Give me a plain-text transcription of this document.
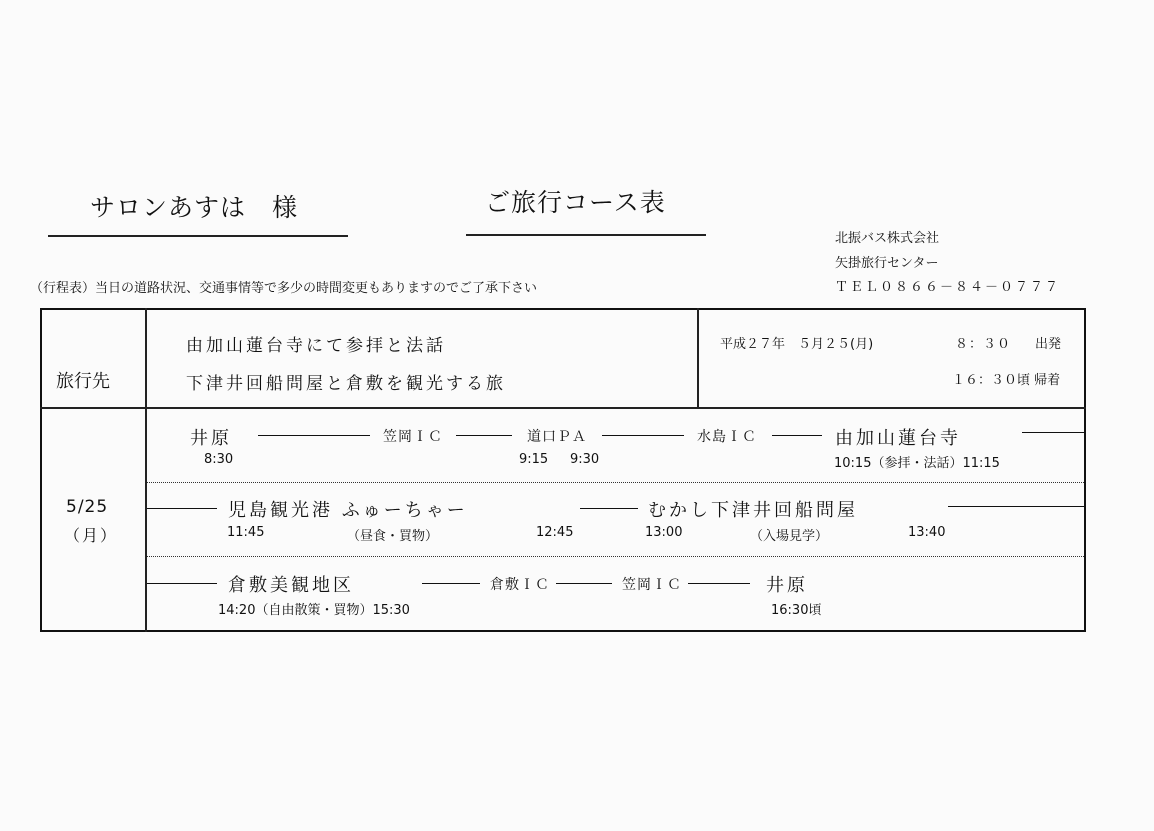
サロンあすは　様	ご旅行コース表
北振バス株式会社
矢掛旅行センター
ＴＥＬ０８６６－８４－０７７７
（行程表）当日の道路状況、交通事情等で多少の時間変更もありますのでご了承下さい
旅行先
由加山蓮台寺にて参拝と法話
下津井回船問屋と倉敷を観光する旅
平成２７年　５月２５(月)	８：３０ 出発
１６：３０頃 帰着
5/25
（月）
井原	笠岡ＩＣ	道口ＰＡ	水島ＩＣ	由加山蓮台寺
8:30	9:15 9:30	10:15（参拝・法話）11:15
児島観光港 ふゅーちゃー	むかし下津井回船問屋
11:45	（昼食・買物）	12:45	13:00	（入場見学）	13:40
倉敷美観地区	倉敷ＩＣ	笠岡ＩＣ	井原
14:20（自由散策・買物）15:30	16:30頃
